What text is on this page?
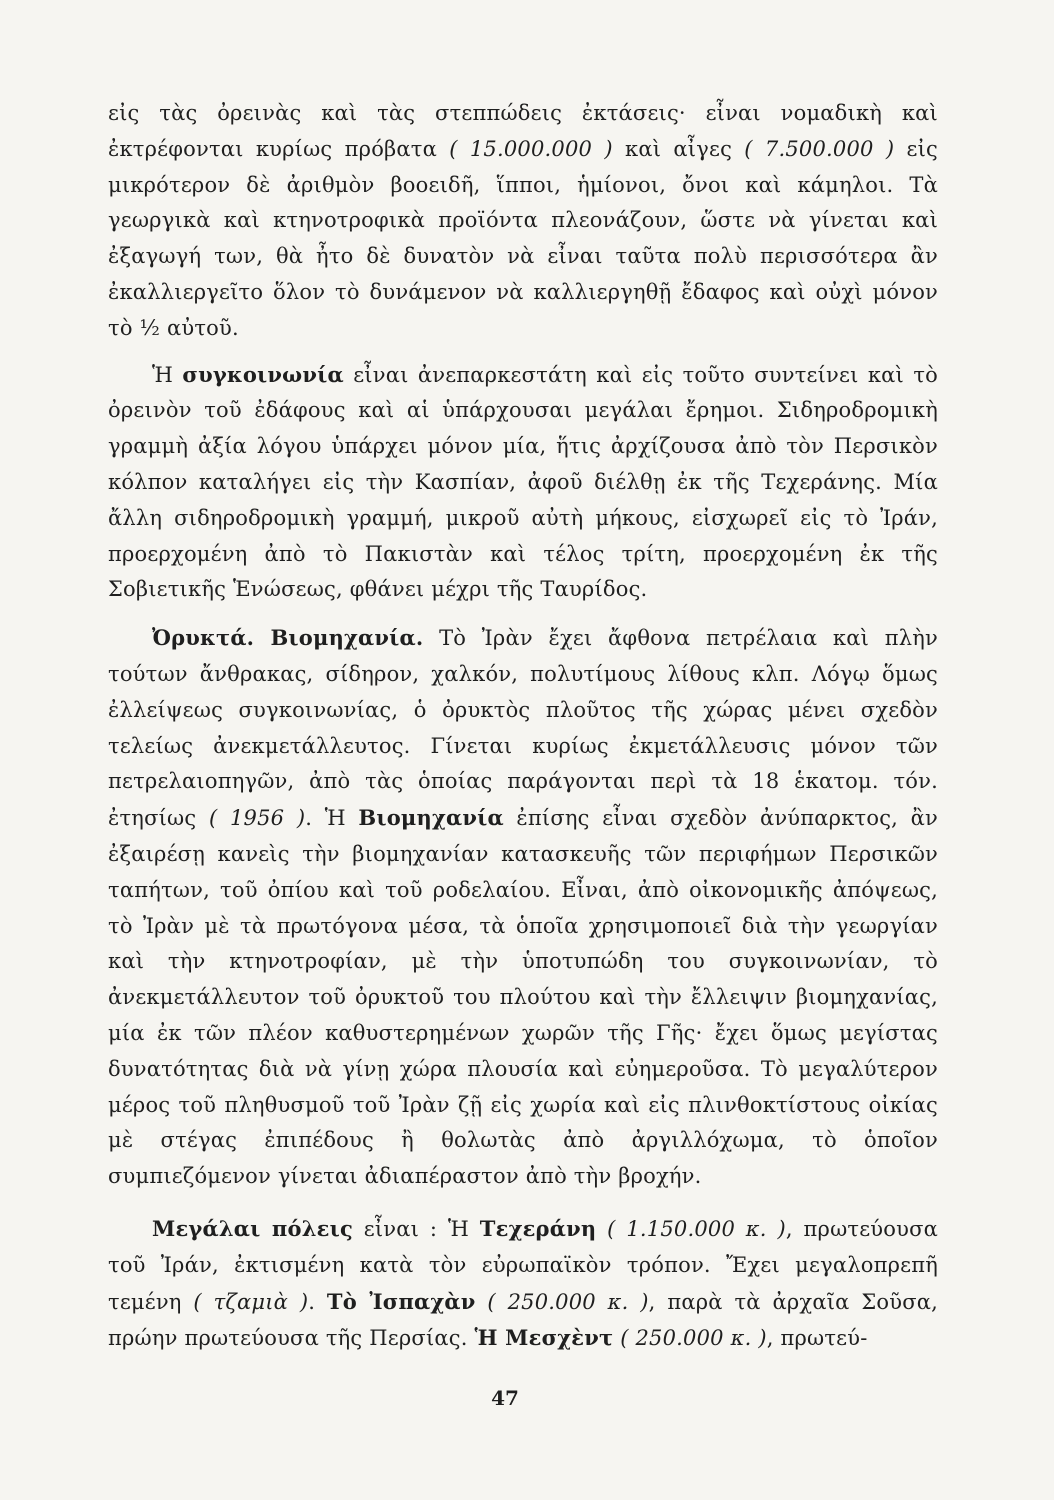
εἰς τὰς ὀρεινὰς καὶ τὰς στεππώδεις ἐκτάσεις· εἶναι νομαδικὴ καὶ ἐκτρέφονται κυρίως πρόβατα ( 15.000.000 ) καὶ αἶγες ( 7.500.000 ) εἰς μικρότερον δὲ ἀριθμὸν βοοειδῆ, ἵπποι, ἡμίονοι, ὄνοι καὶ κάμηλοι. Τὰ γεωργικὰ καὶ κτηνοτροφικὰ προϊόντα πλεονάζουν, ὥστε νὰ γίνεται καὶ ἐξαγωγή των, θὰ ἦτο δὲ δυνατὸν νὰ εἶναι ταῦτα πολὺ περισσότερα ἂν ἐκαλλιεργεῖτο ὅλον τὸ δυνάμενον νὰ καλλιεργηθῇ ἔδαφος καὶ οὐχὶ μόνον τὸ ½ αὐτοῦ.

Ἡ συγκοινωνία εἶναι ἀνεπαρκεστάτη καὶ εἰς τοῦτο συντείνει καὶ τὸ ὀρεινὸν τοῦ ἐδάφους καὶ αἱ ὑπάρχουσαι μεγάλαι ἔρημοι. Σιδηροδρομικὴ γραμμὴ ἀξία λόγου ὑπάρχει μόνον μία, ἥτις ἀρχίζουσα ἀπὸ τὸν Περσικὸν κόλπον καταλήγει εἰς τὴν Κασπίαν, ἀφοῦ διέλθῃ ἐκ τῆς Τεχεράνης. Μία ἄλλη σιδηροδρομικὴ γραμμή, μικροῦ αὐτὴ μήκους, εἰσχωρεῖ εἰς τὸ Ἰράν, προερχομένη ἀπὸ τὸ Πακιστὰν καὶ τέλος τρίτη, προερχομένη ἐκ τῆς Σοβιετικῆς Ἑνώσεως, φθάνει μέχρι τῆς Ταυρίδος.

Ὀρυκτά. Βιομηχανία. Τὸ Ἰρὰν ἔχει ἄφθονα πετρέλαια καὶ πλὴν τούτων ἄνθρακας, σίδηρον, χαλκόν, πολυτίμους λίθους κλπ. Λόγῳ ὅμως ἐλλείψεως συγκοινωνίας, ὁ ὀρυκτὸς πλοῦτος τῆς χώρας μένει σχεδὸν τελείως ἀνεκμετάλλευτος. Γίνεται κυρίως ἐκμετάλλευσις μόνον τῶν πετρελαιοπηγῶν, ἀπὸ τὰς ὁποίας παράγονται περὶ τὰ 18 ἑκατομ. τόν. ἐτησίως ( 1956 ). Ἡ Βιομηχανία ἐπίσης εἶναι σχεδὸν ἀνύπαρκτος, ἂν ἐξαιρέσῃ κανεὶς τὴν βιομηχανίαν κατασκευῆς τῶν περιφήμων Περσικῶν ταπήτων, τοῦ ὀπίου καὶ τοῦ ροδελαίου. Εἶναι, ἀπὸ οἰκονομικῆς ἀπόψεως, τὸ Ἰρὰν μὲ τὰ πρωτόγονα μέσα, τὰ ὁποῖα χρησιμοποιεῖ διὰ τὴν γεωργίαν καὶ τὴν κτηνοτροφίαν, μὲ τὴν ὑποτυπώδη του συγκοινωνίαν, τὸ ἀνεκμετάλλευτον τοῦ ὀρυκτοῦ του πλούτου καὶ τὴν ἔλλειψιν βιομηχανίας, μία ἐκ τῶν πλέον καθυστερημένων χωρῶν τῆς Γῆς· ἔχει ὅμως μεγίστας δυνατότητας διὰ νὰ γίνῃ χώρα πλουσία καὶ εὐημεροῦσα. Τὸ μεγαλύτερον μέρος τοῦ πληθυσμοῦ τοῦ Ἰρὰν ζῇ εἰς χωρία καὶ εἰς πλινθοκτίστους οἰκίας μὲ στέγας ἐπιπέδους ἢ θολωτὰς ἀπὸ ἀργιλλόχωμα, τὸ ὁποῖον συμπιεζόμενον γίνεται ἀδιαπέραστον ἀπὸ τὴν βροχήν.

Μεγάλαι πόλεις εἶναι : Ἡ Τεχεράνη ( 1.150.000 κ. ), πρωτεύουσα τοῦ Ἰράν, ἐκτισμένη κατὰ τὸν εὐρωπαϊκὸν τρόπον. Ἔχει μεγαλοπρεπῆ τεμένη ( τζαμιὰ ). Τὸ Ἰσπαχὰν ( 250.000 κ. ), παρὰ τὰ ἀρχαῖα Σοῦσα, πρώην πρωτεύουσα τῆς Περσίας. Ἡ Μεσχὲντ ( 250.000 κ. ), πρωτεύ-

47
